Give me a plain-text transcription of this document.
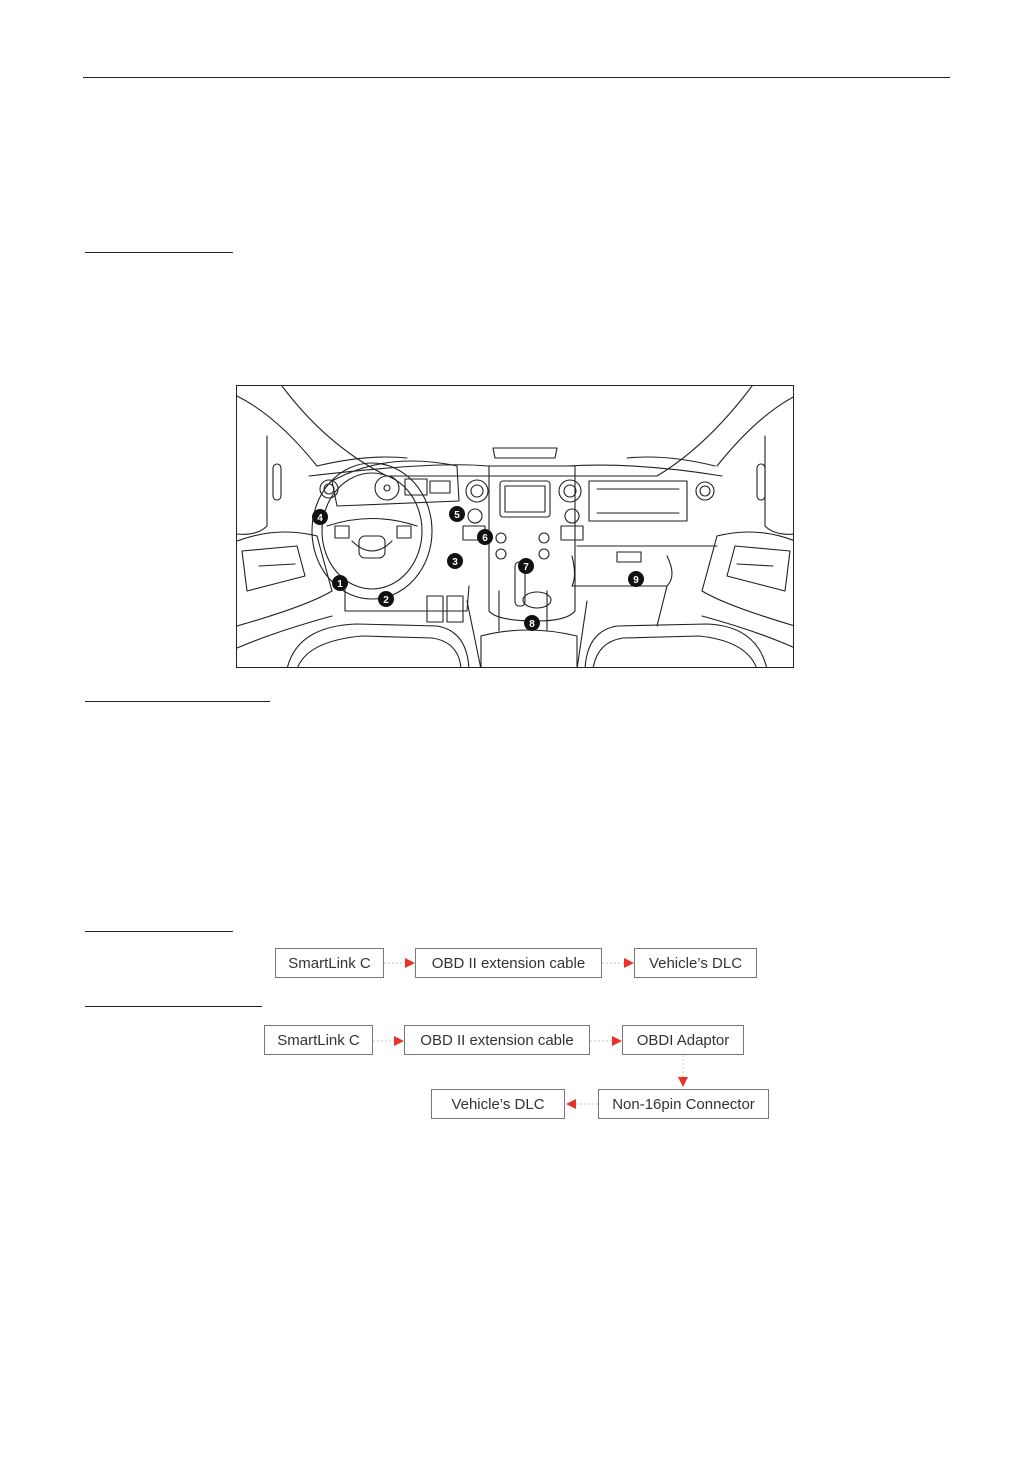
1
2
3
4	5
6
7
8
9
SmartLink C	OBD II extension cable	Vehicle’s DLC
SmartLink C	OBD II extension cable	OBDI Adaptor
Non-16pin Connector
Vehicle’s DLC
